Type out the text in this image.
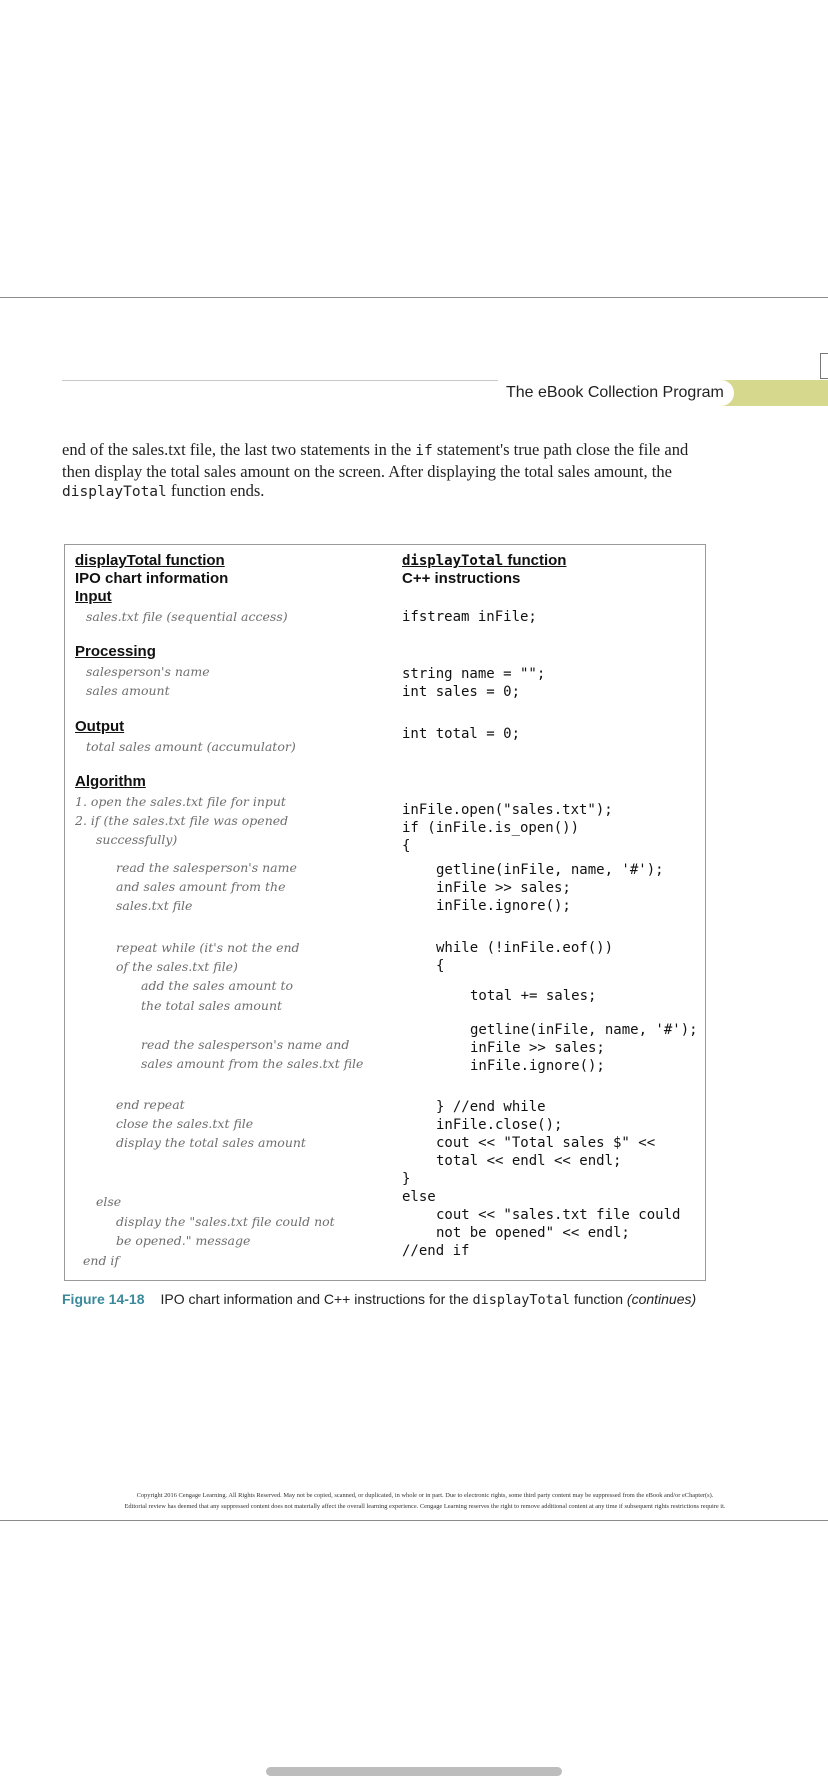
The eBook Collection Program
end of the sales.txt file, the last two statements in the if statement's true path close the file and then display the total sales amount on the screen. After displaying the total sales amount, the displayTotal function ends.
displayTotal function
IPO chart information
Input
sales.txt file (sequential access)
Processing
salesperson's name
sales amount
Output
total sales amount (accumulator)
Algorithm
1. open the sales.txt file for input
2. if (the sales.txt file was opened
successfully)
read the salesperson's name
and sales amount from the
sales.txt file
repeat while (it's not the end
of the sales.txt file)
add the sales amount to
the total sales amount
read the salesperson's name and
sales amount from the sales.txt file
end repeat
close the sales.txt file
display the total sales amount
else
display the "sales.txt file could not
be opened." message
end if
displayTotal function
C++ instructions
ifstream inFile;
string name = "";
int sales = 0;
int total = 0;
inFile.open("sales.txt");
if (inFile.is_open())
{
getline(inFile, name, '#');
inFile >> sales;
inFile.ignore();
while (!inFile.eof())
{
total += sales;
getline(inFile, name, '#');
inFile >> sales;
inFile.ignore();
} //end while
inFile.close();
cout << "Total sales $" <<
total << endl << endl;
}
else
cout << "sales.txt file could
not be opened" << endl;
//end if
Figure 14-18 IPO chart information and C++ instructions for the displayTotal function (continues)
Copyright 2016 Cengage Learning. All Rights Reserved. May not be copied, scanned, or duplicated, in whole or in part. Due to electronic rights, some third party content may be suppressed from the eBook and/or eChapter(s).
Editorial review has deemed that any suppressed content does not materially affect the overall learning experience. Cengage Learning reserves the right to remove additional content at any time if subsequent rights restrictions require it.
